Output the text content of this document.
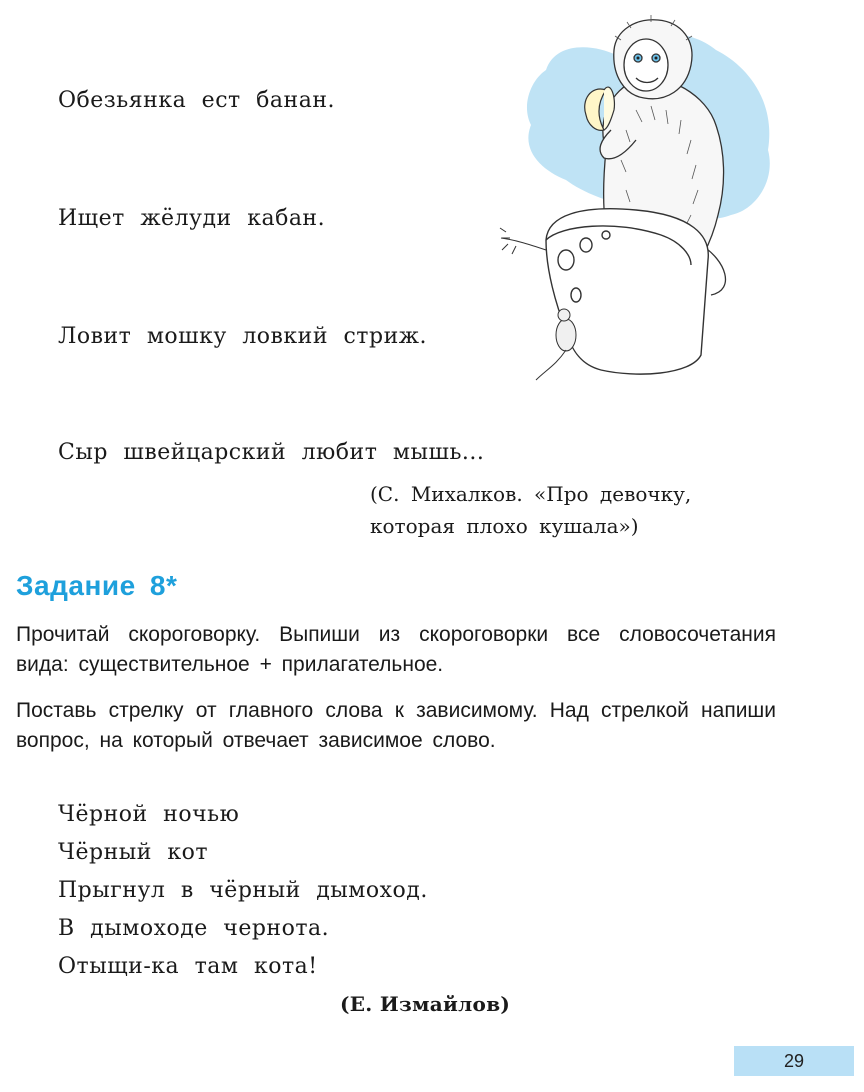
Обезьянка ест банан.
Ищет жёлуди кабан.
Ловит мошку ловкий стриж.
Сыр швейцарский любит мышь...
(С. Михалков. «Про девочку,
которая плохо кушала»)
Задание 8*
Прочитай скороговорку. Выпиши из скороговорки все словосочетания вида: существительное + прилагательное.
Поставь стрелку от главного слова к зависимому. Над стрелкой напиши вопрос, на который отвечает зависимое слово.
Чёрной ночью
Чёрный кот
Прыгнул в чёрный дымоход.
В дымоходе чернота.
Отыщи-ка там кота!
(Е. Измайлов)
29
